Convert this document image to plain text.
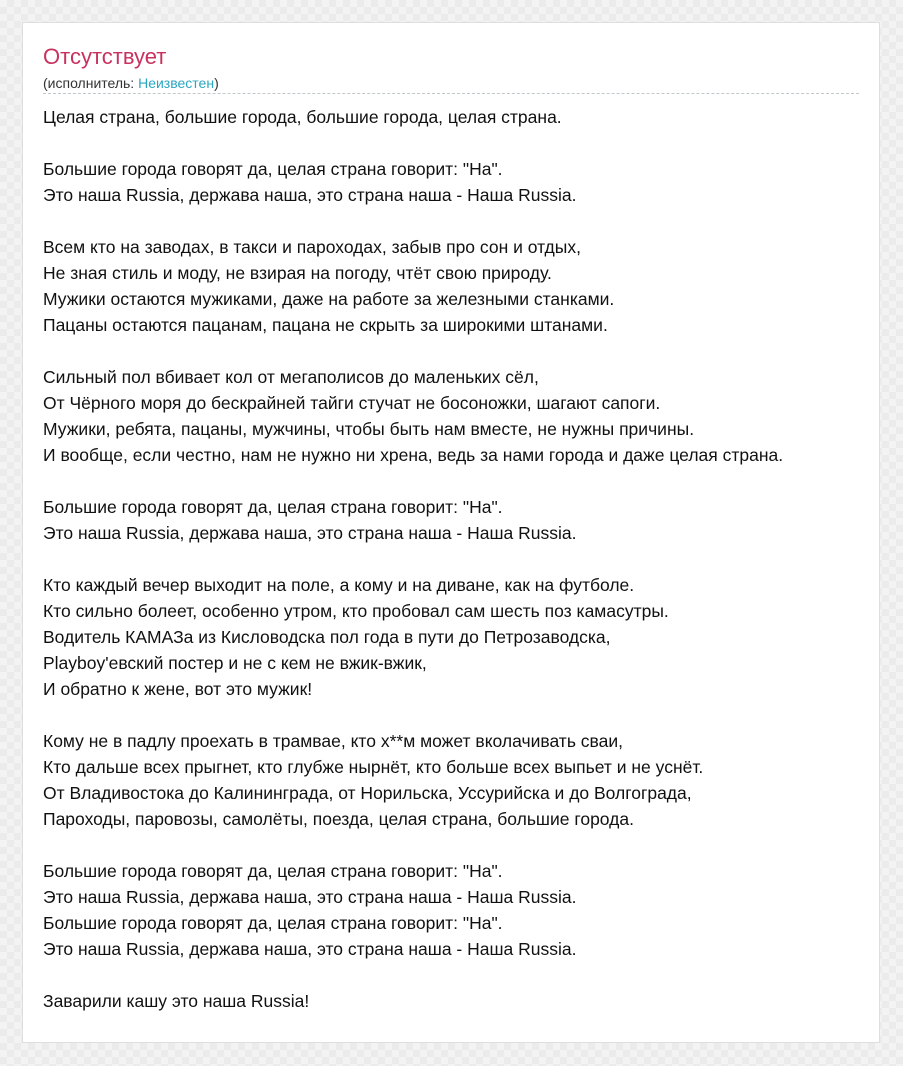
Отсутствует
(исполнитель: Неизвестен)
Целая страна, большие города, большие города, целая страна.
Большие города говорят да, целая страна говорит: "На".
Это наша Russia, держава наша, это страна наша - Наша Russia.
Всем кто на заводах, в такси и пароходах, забыв про сон и отдых,
Не зная стиль и моду, не взирая на погоду, чтёт свою природу.
Мужики остаются мужиками, даже на работе за железными станками.
Пацаны остаются пацанам, пацана не скрыть за широкими штанами.
Сильный пол вбивает кол от мегаполисов до маленьких сёл,
От Чёрного моря до бескрайней тайги стучат не босоножки, шагают сапоги.
Мужики, ребята, пацаны, мужчины, чтобы быть нам вместе, не нужны причины.
И вообще, если честно, нам не нужно ни хрена, ведь за нами города и даже целая страна.
Большие города говорят да, целая страна говорит: "На".
Это наша Russia, держава наша, это страна наша - Наша Russia.
Кто каждый вечер выходит на поле, а кому и на диване, как на футболе.
Кто сильно болеет, особенно утром, кто пробовал сам шесть поз камасутры.
Водитель КАМАЗа из Кисловодска пол года в пути до Петрозаводска,
Playboy'евский постер и не с кем не вжик-вжик,
И обратно к жене, вот это мужик!
Кому не в падлу проехать в трамвае, кто х**м может вколачивать сваи,
Кто дальше всех прыгнет, кто глубже нырнёт, кто больше всех выпьет и не уснёт.
От Владивостока до Калининграда, от Норильска, Уссурийска и до Волгограда,
Пароходы, паровозы, самолёты, поезда, целая страна, большие города.
Большие города говорят да, целая страна говорит: "На".
Это наша Russia, держава наша, это страна наша - Наша Russia.
Большие города говорят да, целая страна говорит: "На".
Это наша Russia, держава наша, это страна наша - Наша Russia.
Заварили кашу это наша Russia!
